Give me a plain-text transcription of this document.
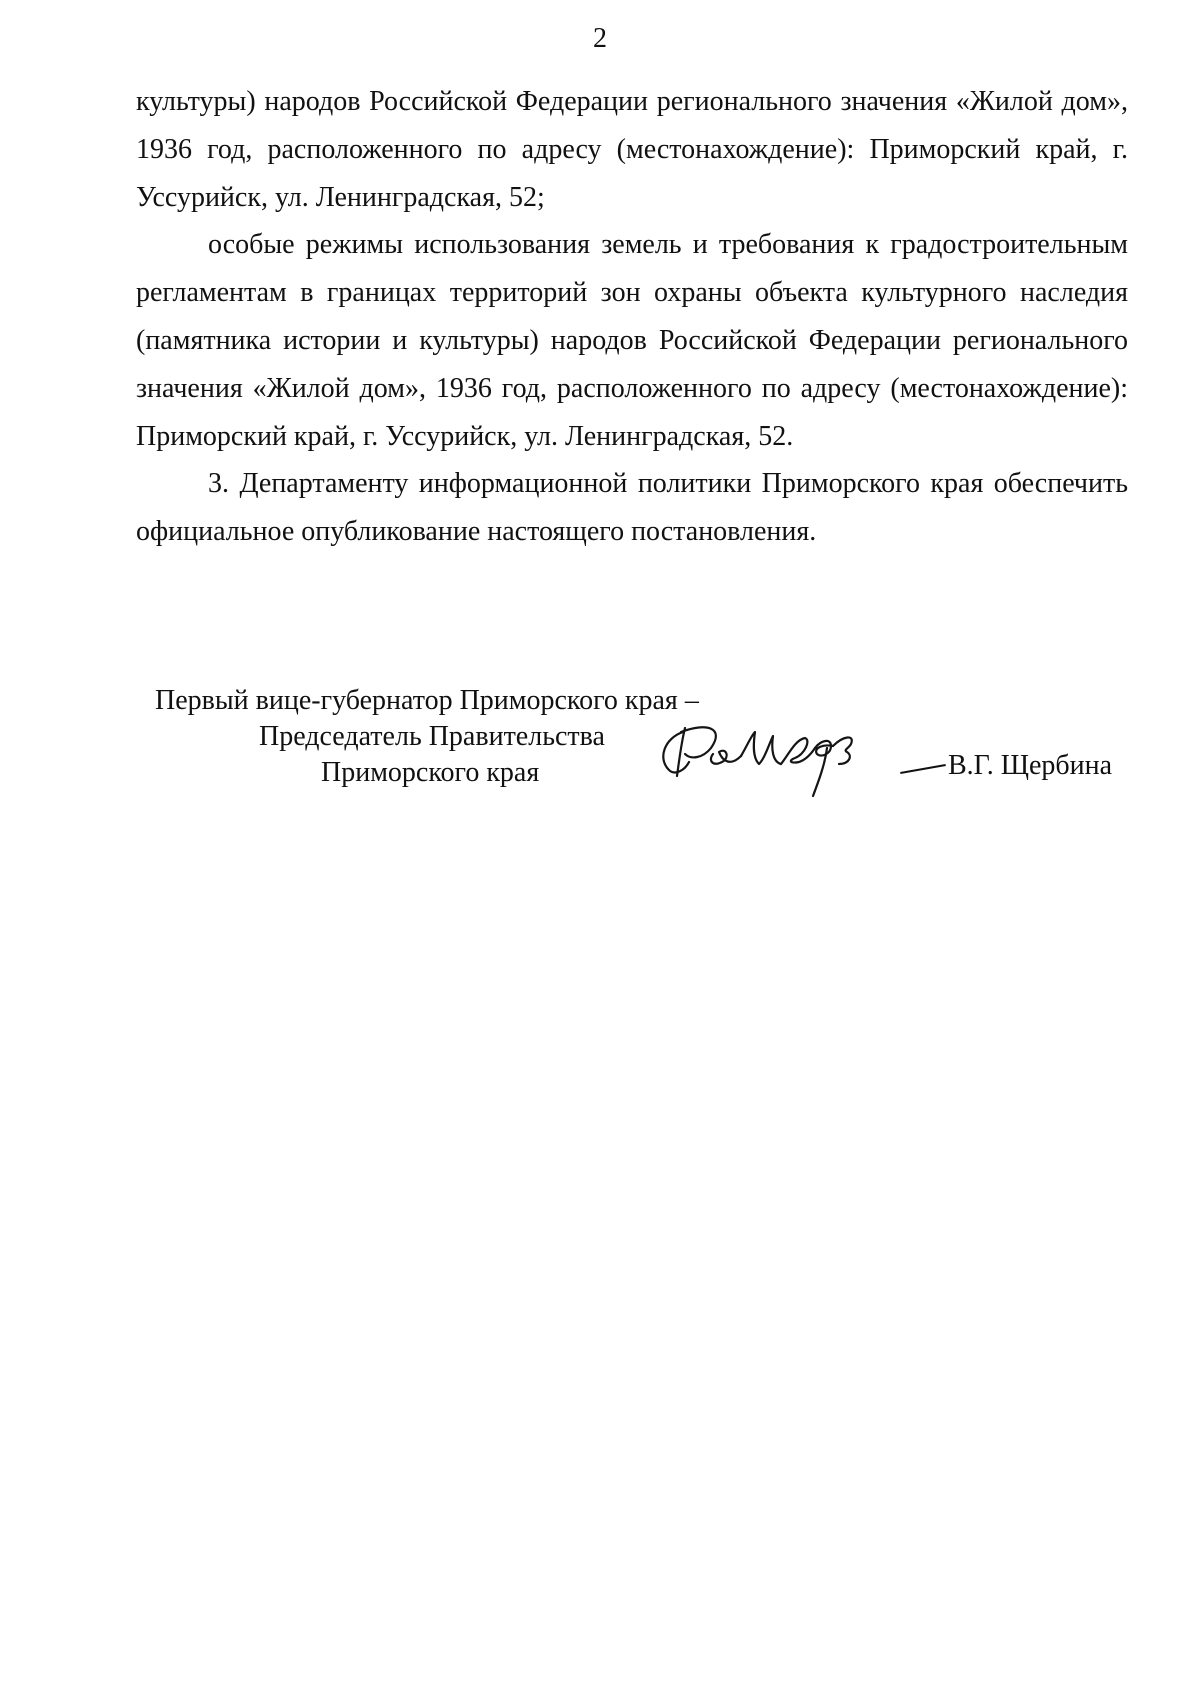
2

культуры) народов Российской Федерации регионального значения «Жилой дом», 1936 год, расположенного по адресу (местонахождение): Приморский край, г. Уссурийск, ул. Ленинградская, 52;

особые режимы использования земель и требования к градостроительным регламентам в границах территорий зон охраны объекта культурного наследия (памятника истории и культуры) народов Российской Федерации регионального значения «Жилой дом», 1936 год, расположенного по адресу (местонахождение): Приморский край, г. Уссурийск, ул. Ленинградская, 52.

3. Департаменту информационной политики Приморского края обеспечить официальное опубликование настоящего постановления.

Первый вице-губернатор Приморского края –
Председатель Правительства
Приморского края	В.Г. Щербина
